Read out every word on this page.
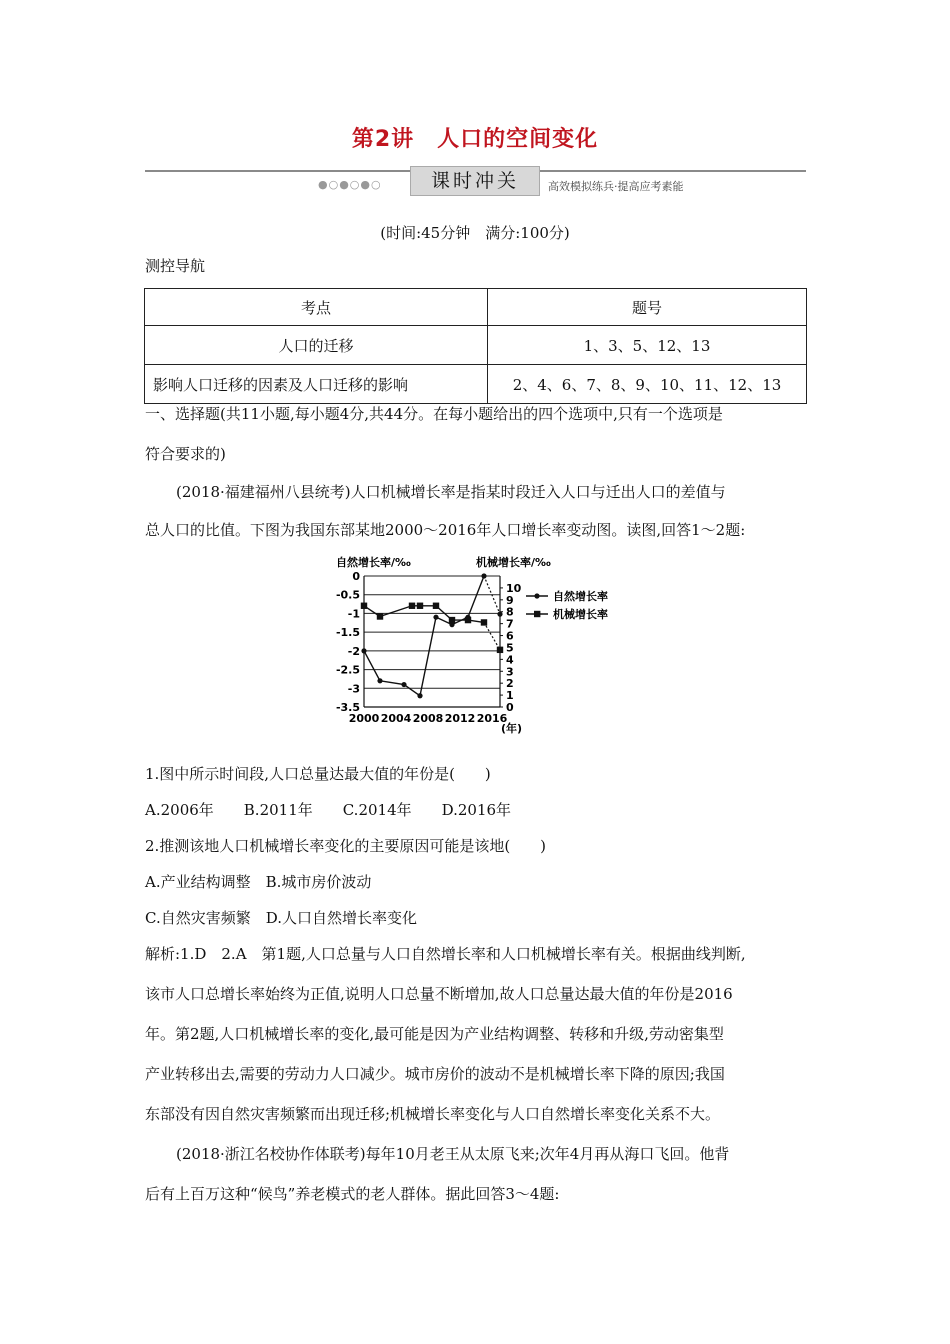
第2讲　人口的空间变化
●○●○●○	课时冲关	高效模拟练兵·提高应考素能
(时间:45分钟　满分:100分)
测控导航
考点	题号
人口的迁移	1、3、5、12、13
影响人口迁移的因素及人口迁移的影响	2、4、6、7、8、9、10、11、12、13
一、选择题(共11小题,每小题4分,共44分。在每小题给出的四个选项中,只有一个选项是
符合要求的)
(2018·福建福州八县统考)人口机械增长率是指某时段迁入人口与迁出人口的差值与
总人口的比值。下图为我国东部某地2000～2016年人口增长率变动图。读图,回答1～2题:
自然增长率/‰	机械增长率/‰
0
-0.5
-1
-1.5
-2
-2.5
-3
-3.5
10
9
8
7
6
5
4
3
2
1
0
2000 2004 2008 2012 2016
自然增长率
机械增长率
(年)
1.图中所示时间段,人口总量达最大值的年份是(　　)
A.2006年　　B.2011年　　C.2014年　　D.2016年
2.推测该地人口机械增长率变化的主要原因可能是该地(　　)
A.产业结构调整　B.城市房价波动
C.自然灾害频繁　D.人口自然增长率变化
解析:1.D　2.A　第1题,人口总量与人口自然增长率和人口机械增长率有关。根据曲线判断,
该市人口总增长率始终为正值,说明人口总量不断增加,故人口总量达最大值的年份是2016
年。第2题,人口机械增长率的变化,最可能是因为产业结构调整、转移和升级,劳动密集型
产业转移出去,需要的劳动力人口减少。城市房价的波动不是机械增长率下降的原因;我国
东部没有因自然灾害频繁而出现迁移;机械增长率变化与人口自然增长率变化关系不大。
(2018·浙江名校协作体联考)每年10月老王从太原飞来;次年4月再从海口飞回。他背
后有上百万这种“候鸟”养老模式的老人群体。据此回答3～4题:
